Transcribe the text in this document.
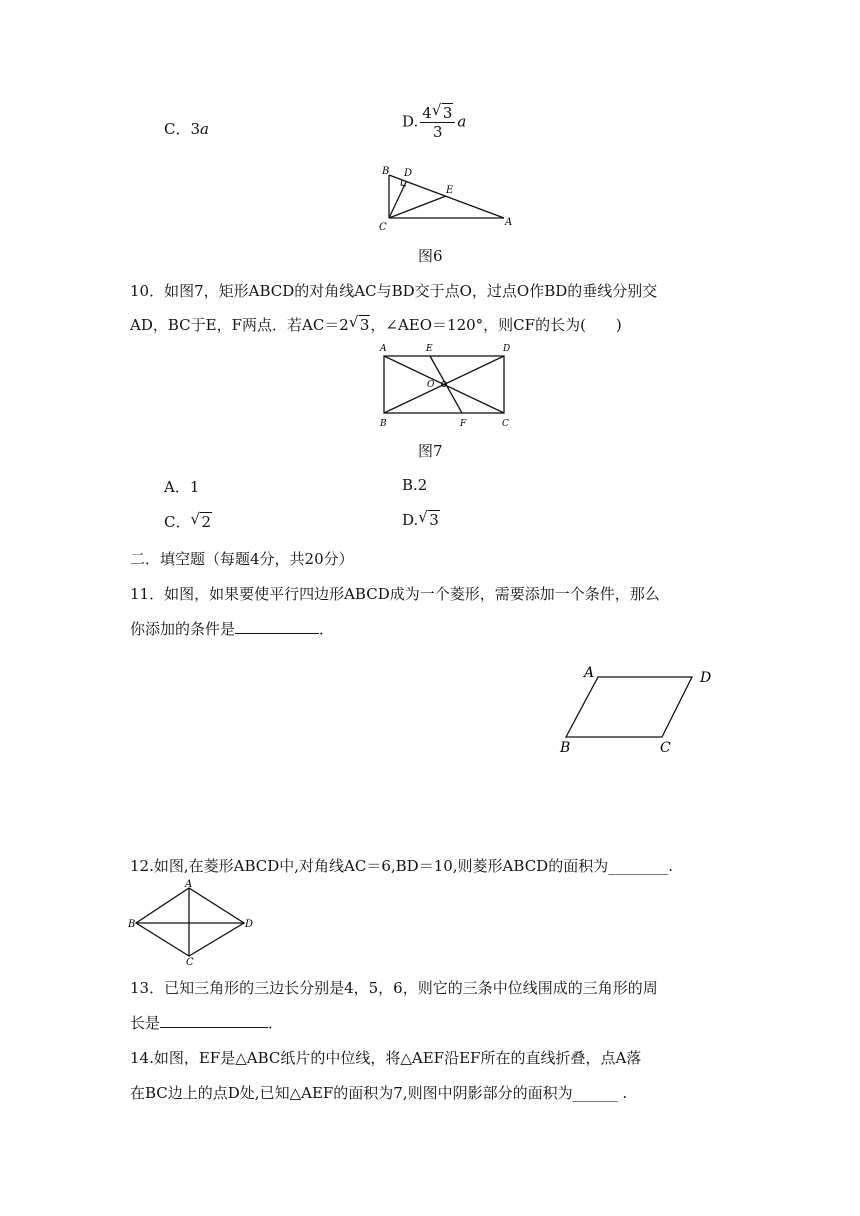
C．3a	D. $\frac{4 √ 3}{3}$ a
B D
E
C	A
图6
10．如图7，矩形ABCD的对角线AC与BD交于点O，过点O作BD的垂线分别交
AD，BC于E，F两点．若AC＝2 √ 3，∠AEO＝120°，则CF的长为(　　)
A	E	D
O
B	F	C
图7
A．1	B.2
C． √ 2	D. √ 3
二．填空题（每题4分，共20分）
11．如图，如果要使平行四边形ABCD成为一个菱形，需要添加一个条件，那么
你添加的条件是	．
A	D
B	C
12.如图,在菱形ABCD中,对角线AC＝6,BD＝10,则菱形ABCD的面积为________.
A
B	D
C
13．已知三角形的三边长分别是4，5，6，则它的三条中位线围成的三角形的周
长是	．
14.如图，EF是△ABC纸片的中位线，将△AEF沿EF所在的直线折叠，点A落
在BC边上的点D处,已知△AEF的面积为7,则图中阴影部分的面积为______ .
